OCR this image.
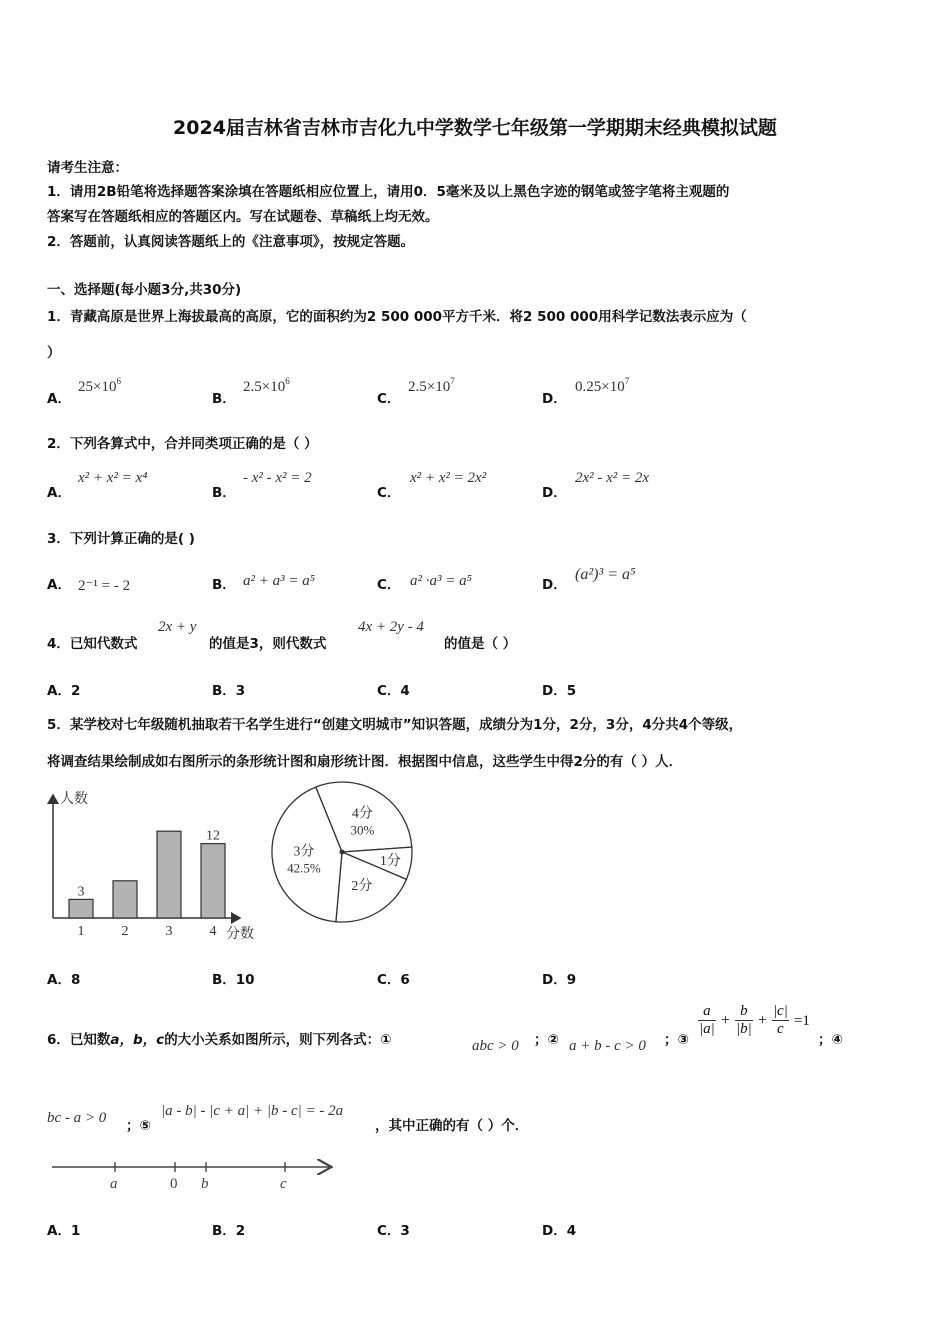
2024届吉林省吉林市吉化九中学数学七年级第一学期期末经典模拟试题
请考生注意：
1．请用2B铅笔将选择题答案涂填在答题纸相应位置上，请用0．5毫米及以上黑色字迹的钢笔或签字笔将主观题的
答案写在答题纸相应的答题区内。写在试题卷、草稿纸上均无效。
2．答题前，认真阅读答题纸上的《注意事项》，按规定答题。
一、选择题(每小题3分,共30分)
1．青藏高原是世界上海拔最高的高原，它的面积约为2 500 000平方千米．将2 500 000用科学记数法表示应为（
）
A．
$25\times 10^6$
B．
$2.5\times 10^6$
C．
$2.5\times 10^7$
D．
$0.25\times 10^7$
2．下列各算式中，合并同类项正确的是（ ）
A．
x² + x² = x⁴
B．
- x² - x² = 2
C．
x² + x² = 2x²
D．
2x² - x² = 2x
3．下列计算正确的是( )
A． 2⁻¹ = - 2	B． a² + a³ = a⁵	C． a² ·a³ = a⁵	D．
(a²)³ = a⁵
4．已知代数式
2x + y
的值是3，则代数式
4x + 2y - 4
的值是（ ）
A．2	B．3	C．4	D．5
5．某学校对七年级随机抽取若干名学生进行“创建文明城市”知识答题，成绩分为1分，2分，3分，4分共4个等级，
将调查结果绘制成如右图所示的条形统计图和扇形统计图．根据图中信息，这些学生中得2分的有（ ）人．
人数
分数
1
3
2	3	4
12
4分
30%
1分
2分
3分
42.5%
A．8	B．10	C．6	D．9
6．已知数a，b，c的大小关系如图所示，则下列各式：①	abc > 0 ；② a + b - c > 0 ；③
$\frac{a}{|a|} + \frac{b}{|b|} + \frac{|c|}{c} =1$
；④
bc - a > 0 ；⑤
|a - b| - |c + a| + |b - c| = - 2a
，其中正确的有（ ）个．
a	0 b	c
A．1	B．2	C．3	D．4
